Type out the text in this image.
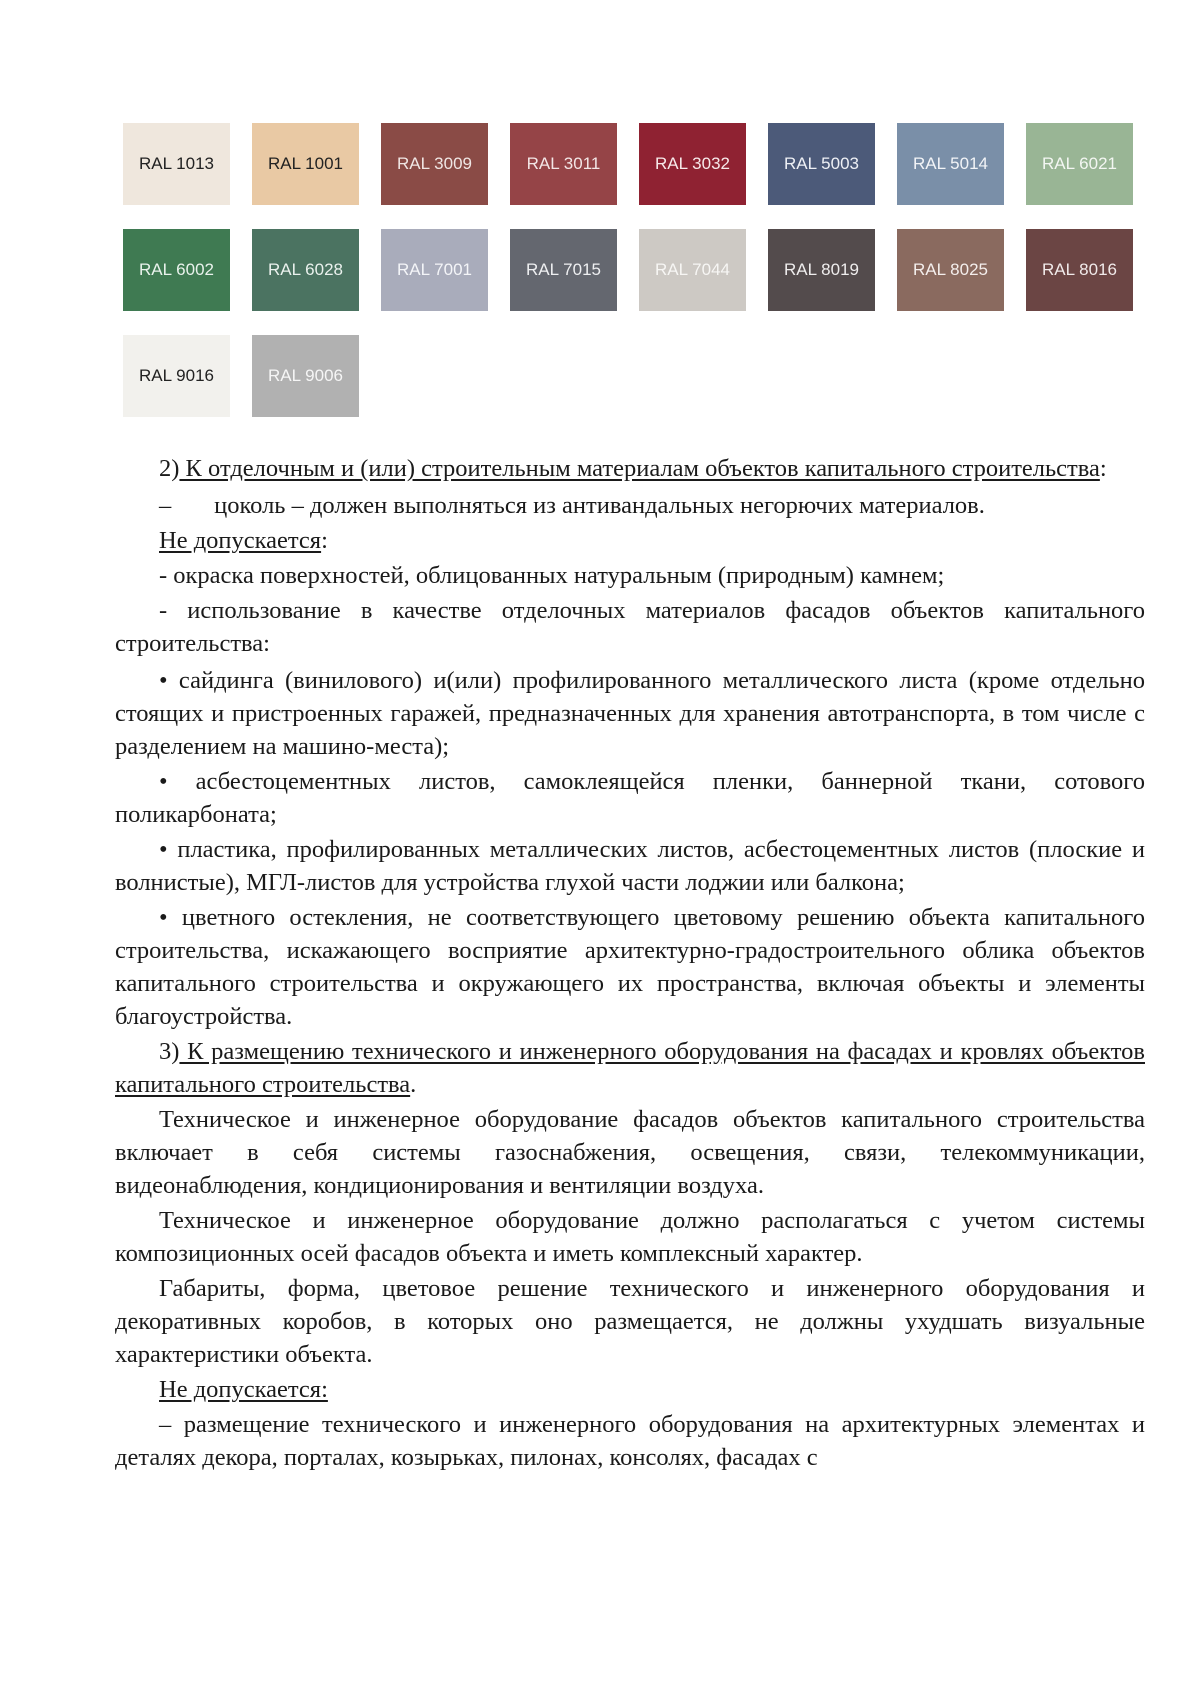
RAL 1013	RAL 1001	RAL 3009	RAL 3011	RAL 3032	RAL 5003	RAL 5014	RAL 6021
RAL 6002	RAL 6028	RAL 7001	RAL 7015	RAL 7044	RAL 8019	RAL 8025	RAL 8016
RAL 9016	RAL 9006

2) К отделочным и (или) строительным материалам объектов капитального строительства:

–       цоколь – должен выполняться из антивандальных негорючих материалов.

Не допускается:

- окраска поверхностей, облицованных натуральным (природным) камнем;

- использование в качестве отделочных материалов фасадов объектов капитального строительства:

• сайдинга (винилового) и(или) профилированного металлического листа (кроме отдельно стоящих и пристроенных гаражей, предназначенных для хранения автотранспорта, в том числе с разделением на машино-места);

• асбестоцементных листов, самоклеящейся пленки, баннерной ткани, сотового поликарбоната;

• пластика, профилированных металлических листов, асбестоцементных листов (плоские и волнистые), МГЛ-листов для устройства глухой части лоджии или балкона;

• цветного остекления, не соответствующего цветовому решению объекта капитального строительства, искажающего восприятие архитектурно-градостроительного облика объектов капитального строительства и окружающего их пространства, включая объекты и элементы благоустройства.

3) К размещению технического и инженерного оборудования на фасадах и кровлях объектов капитального строительства.

Техническое и инженерное оборудование фасадов объектов капитального строительства включает в себя системы газоснабжения, освещения, связи, телекоммуникации, видеонаблюдения, кондиционирования и вентиляции воздуха.

Техническое и инженерное оборудование должно располагаться с учетом системы композиционных осей фасадов объекта и иметь комплексный характер.

Габариты, форма, цветовое решение технического и инженерного оборудования и декоративных коробов, в которых оно размещается, не должны ухудшать визуальные характеристики объекта.

Не допускается:

– размещение технического и инженерного оборудования на архитектурных элементах и деталях декора, порталах, козырьках, пилонах, консолях, фасадах с
